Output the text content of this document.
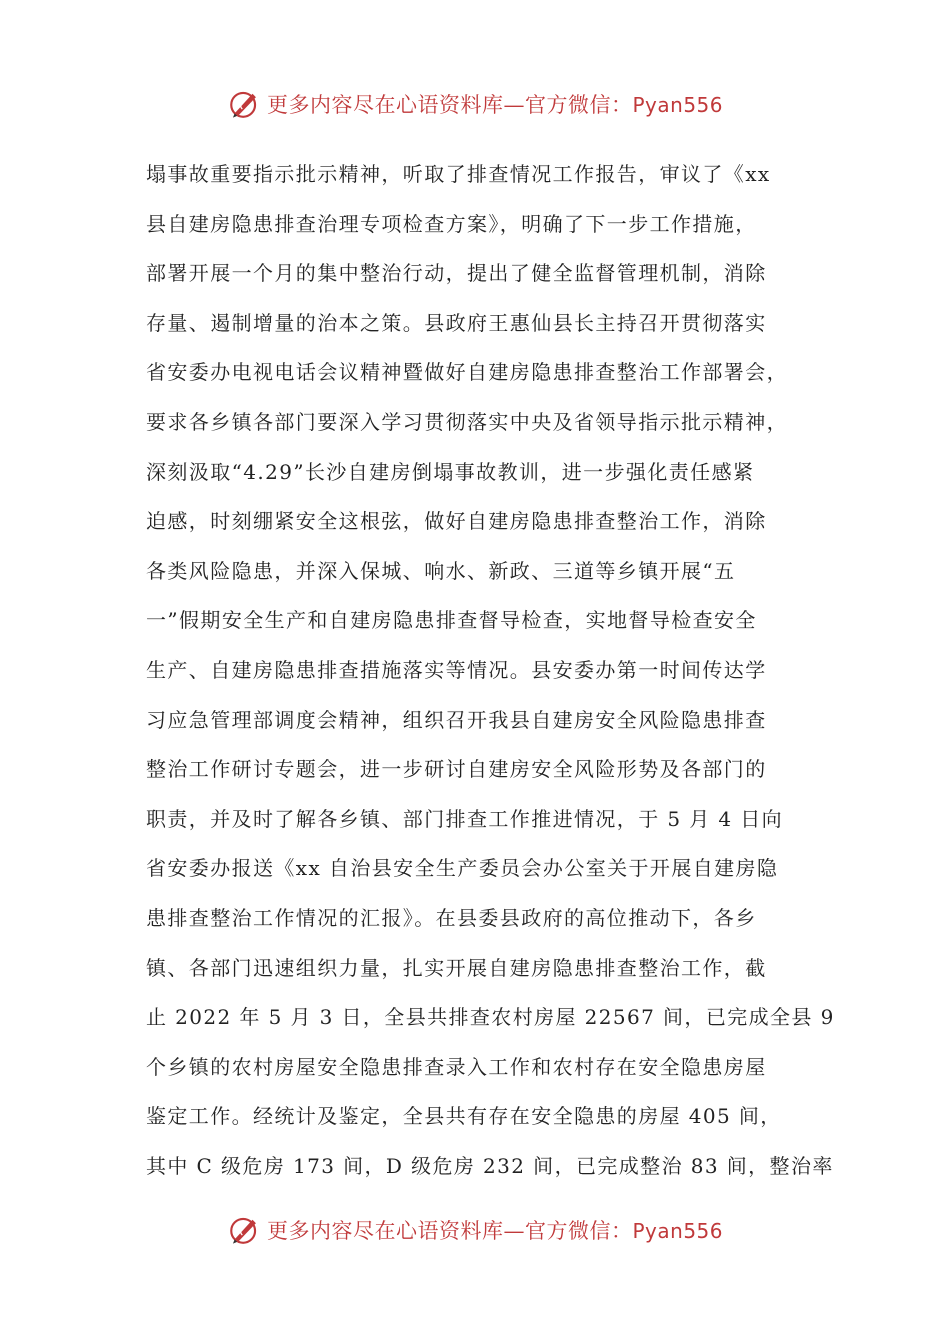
更多内容尽在心语资料库—官方微信：Pyan556
塌事故重要指示批示精神，听取了排查情况工作报告，审议了《xx
县自建房隐患排查治理专项检查方案》，明确了下一步工作措施，
部署开展一个月的集中整治行动，提出了健全监督管理机制，消除
存量、遏制增量的治本之策。县政府王惠仙县长主持召开贯彻落实
省安委办电视电话会议精神暨做好自建房隐患排查整治工作部署会，
要求各乡镇各部门要深入学习贯彻落实中央及省领导指示批示精神，
深刻汲取“4.29”长沙自建房倒塌事故教训，进一步强化责任感紧
迫感，时刻绷紧安全这根弦，做好自建房隐患排查整治工作，消除
各类风险隐患，并深入保城、响水、新政、三道等乡镇开展“五
一”假期安全生产和自建房隐患排查督导检查，实地督导检查安全
生产、自建房隐患排查措施落实等情况。县安委办第一时间传达学
习应急管理部调度会精神，组织召开我县自建房安全风险隐患排查
整治工作研讨专题会，进一步研讨自建房安全风险形势及各部门的
职责，并及时了解各乡镇、部门排查工作推进情况，于 5 月 4 日向
省安委办报送《xx 自治县安全生产委员会办公室关于开展自建房隐
患排查整治工作情况的汇报》。在县委县政府的高位推动下，各乡
镇、各部门迅速组织力量，扎实开展自建房隐患排查整治工作，截
止 2022 年 5 月 3 日，全县共排查农村房屋 22567 间，已完成全县 9
个乡镇的农村房屋安全隐患排查录入工作和农村存在安全隐患房屋
鉴定工作。经统计及鉴定，全县共有存在安全隐患的房屋 405 间，
其中 C 级危房 173 间，D 级危房 232 间，已完成整治 83 间，整治率
更多内容尽在心语资料库—官方微信：Pyan556
